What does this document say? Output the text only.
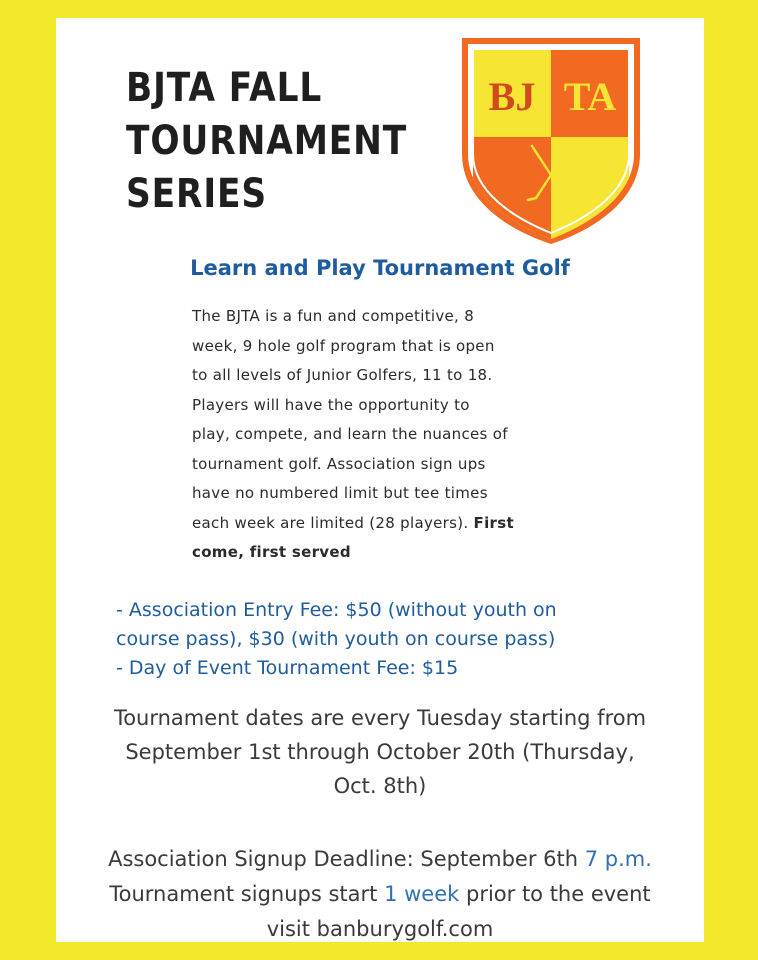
BJTA FALL
TOURNAMENT
SERIES
BJ TA
Learn and Play Tournament Golf
The BJTA is a fun and competitive, 8
week, 9 hole golf program that is open
to all levels of Junior Golfers, 11 to 18.
Players will have the opportunity to
play, compete, and learn the nuances of
tournament golf. Association sign ups
have no numbered limit but tee times
each week are limited (28 players). First
come, first served
- Association Entry Fee: $50 (without youth on
course pass), $30 (with youth on course pass)
- Day of Event Tournament Fee: $15
Tournament dates are every Tuesday starting from
September 1st through October 20th (Thursday,
Oct. 8th)
Association Signup Deadline: September 6th 7 p.m.
Tournament signups start 1 week prior to the event
visit banburygolf.com
